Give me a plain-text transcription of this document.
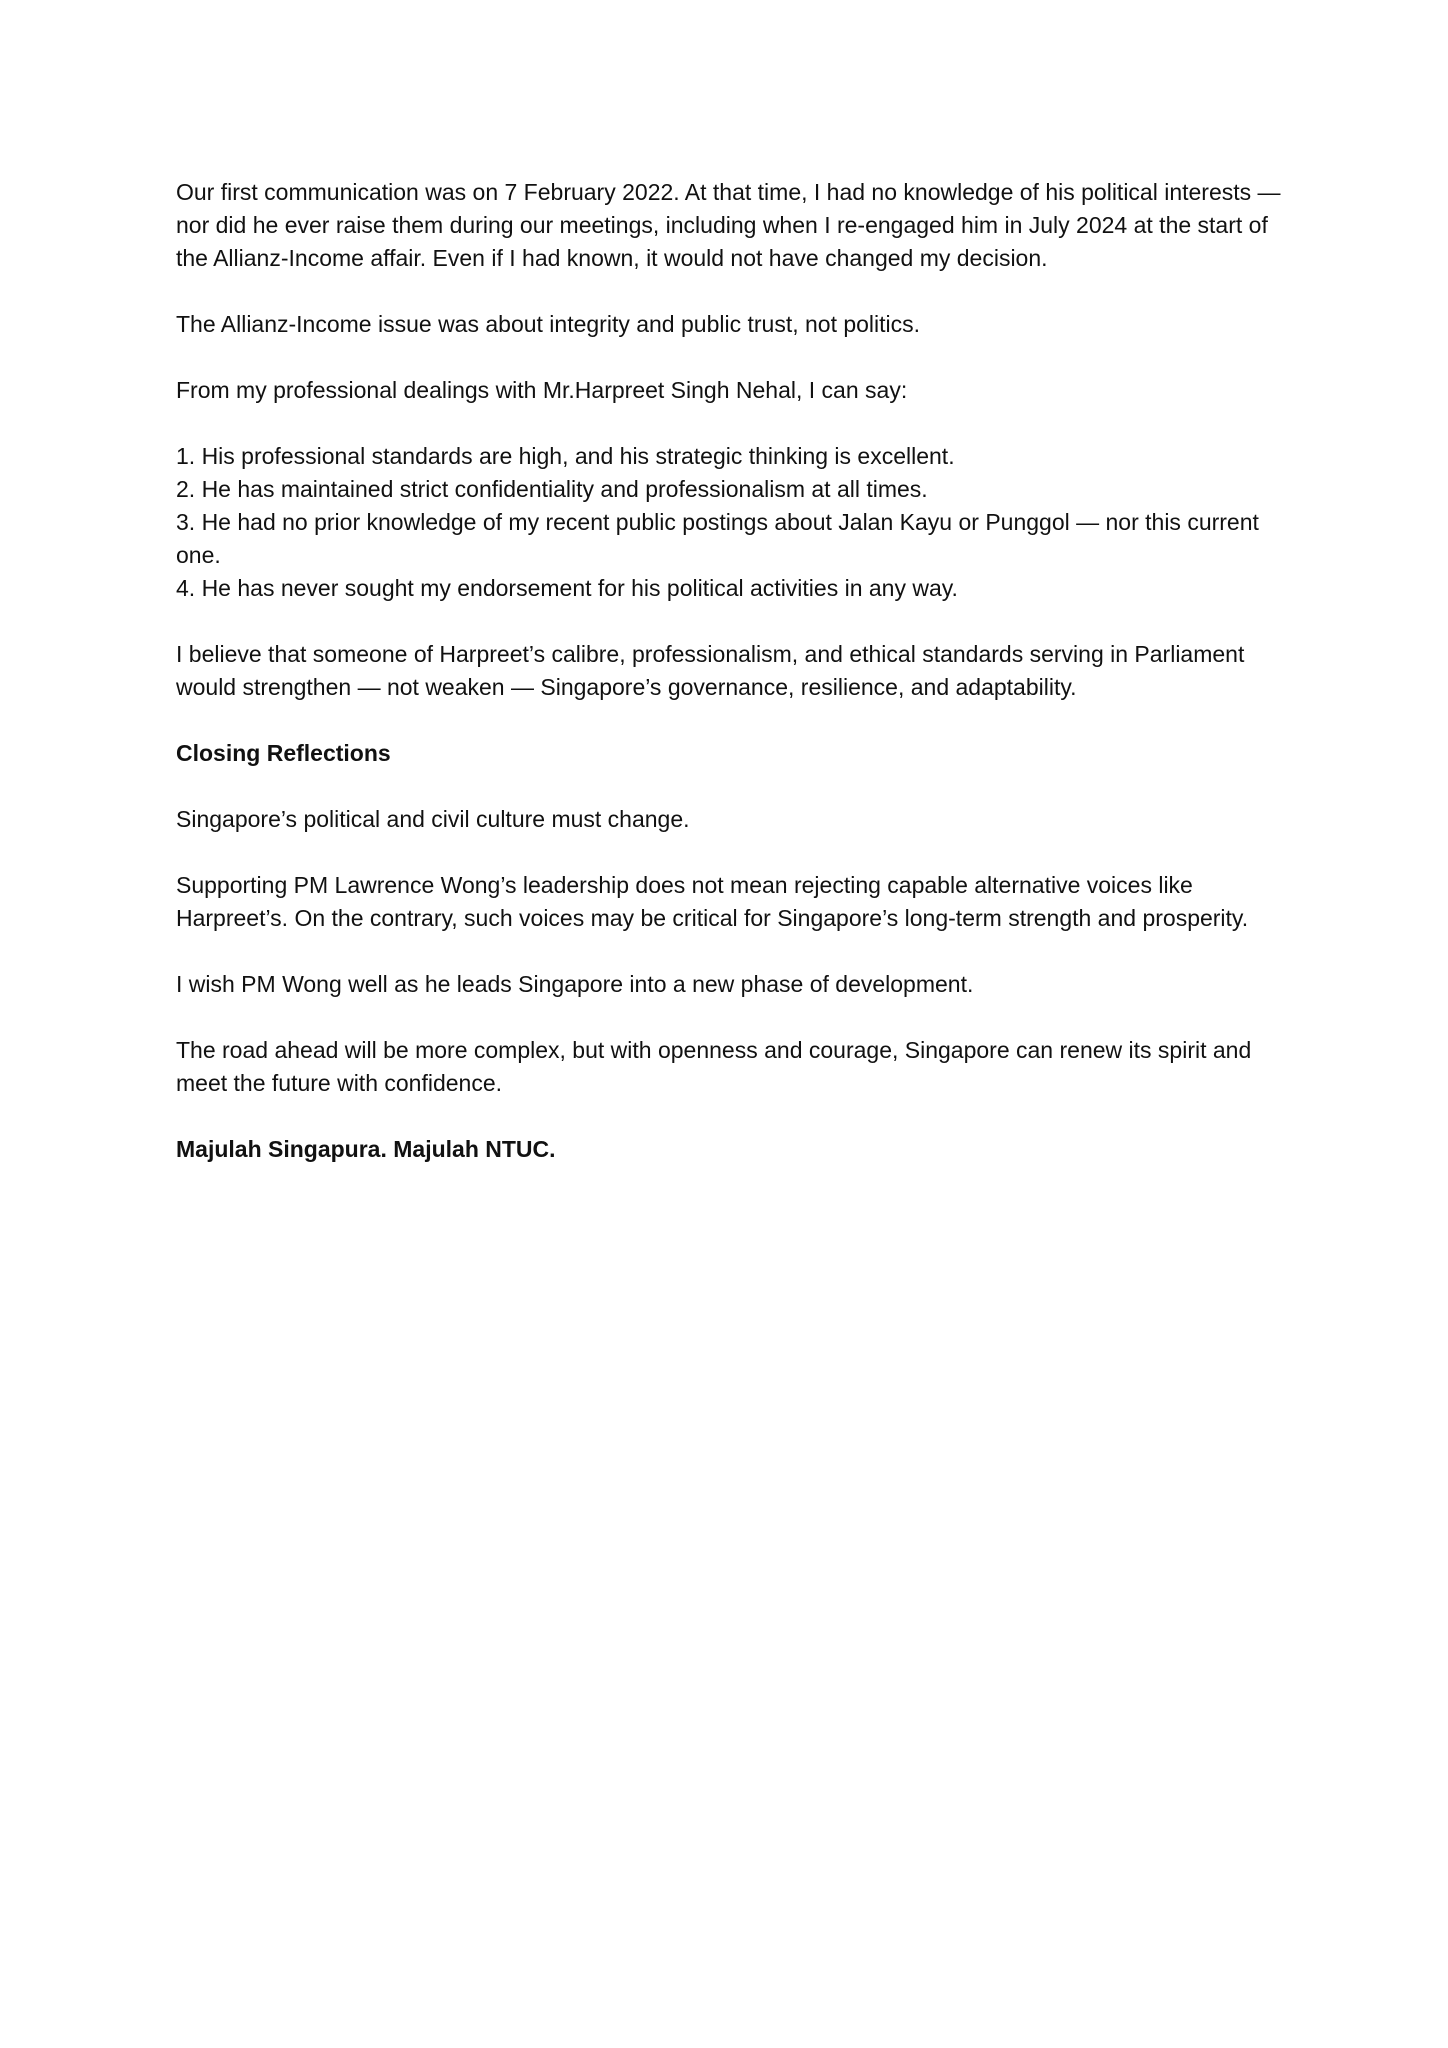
Our first communication was on 7 February 2022. At that time, I had no knowledge of his political interests — nor did he ever raise them during our meetings, including when I re-engaged him in July 2024 at the start of the Allianz-Income affair. Even if I had known, it would not have changed my decision.

The Allianz-Income issue was about integrity and public trust, not politics.

From my professional dealings with Mr.Harpreet Singh Nehal, I can say:

1. His professional standards are high, and his strategic thinking is excellent.
2. He has maintained strict confidentiality and professionalism at all times.
3. He had no prior knowledge of my recent public postings about Jalan Kayu or Punggol — nor this current one.
4. He has never sought my endorsement for his political activities in any way.

I believe that someone of Harpreet’s calibre, professionalism, and ethical standards serving in Parliament would strengthen — not weaken — Singapore’s governance, resilience, and adaptability.

Closing Reflections

Singapore’s political and civil culture must change.

Supporting PM Lawrence Wong’s leadership does not mean rejecting capable alternative voices like Harpreet’s. On the contrary, such voices may be critical for Singapore’s long-term strength and prosperity.

I wish PM Wong well as he leads Singapore into a new phase of development.

The road ahead will be more complex, but with openness and courage, Singapore can renew its spirit and meet the future with confidence.

Majulah Singapura. Majulah NTUC.
